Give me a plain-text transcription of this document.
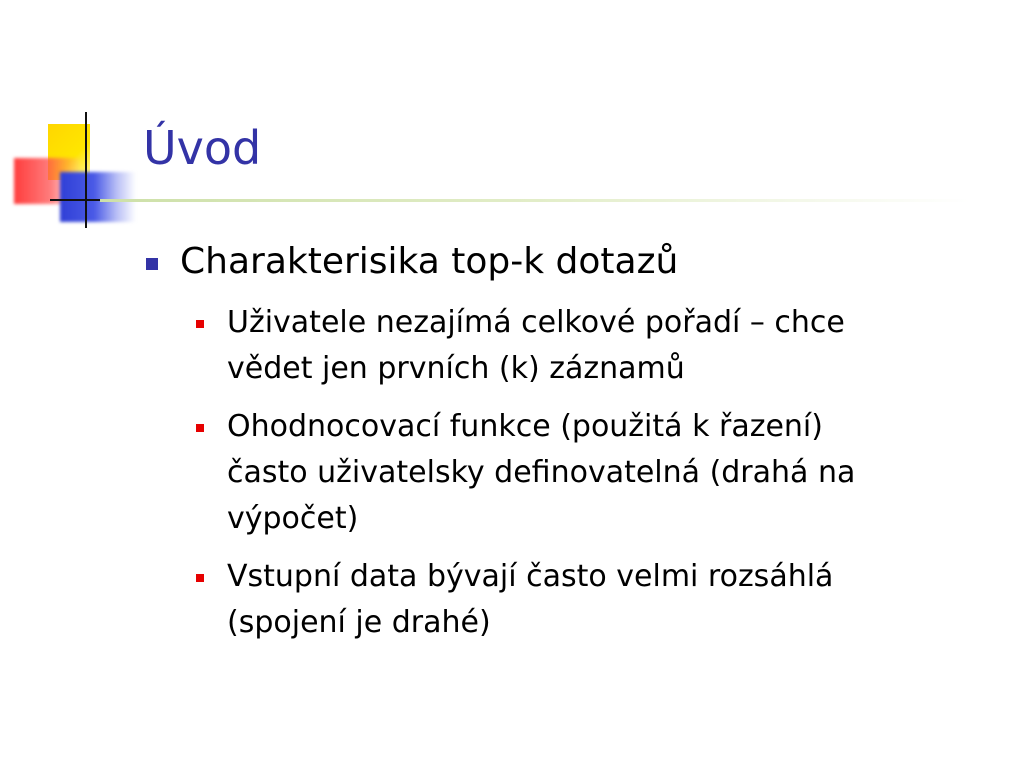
Úvod
Charakterisika top-k dotazů
Uživatele nezajímá celkové pořadí – chce
vědet jen prvních (k) záznamů
Ohodnocovací funkce (použitá k řazení)
často uživatelsky definovatelná (drahá na
výpočet)
Vstupní data bývají často velmi rozsáhlá
(spojení je drahé)
